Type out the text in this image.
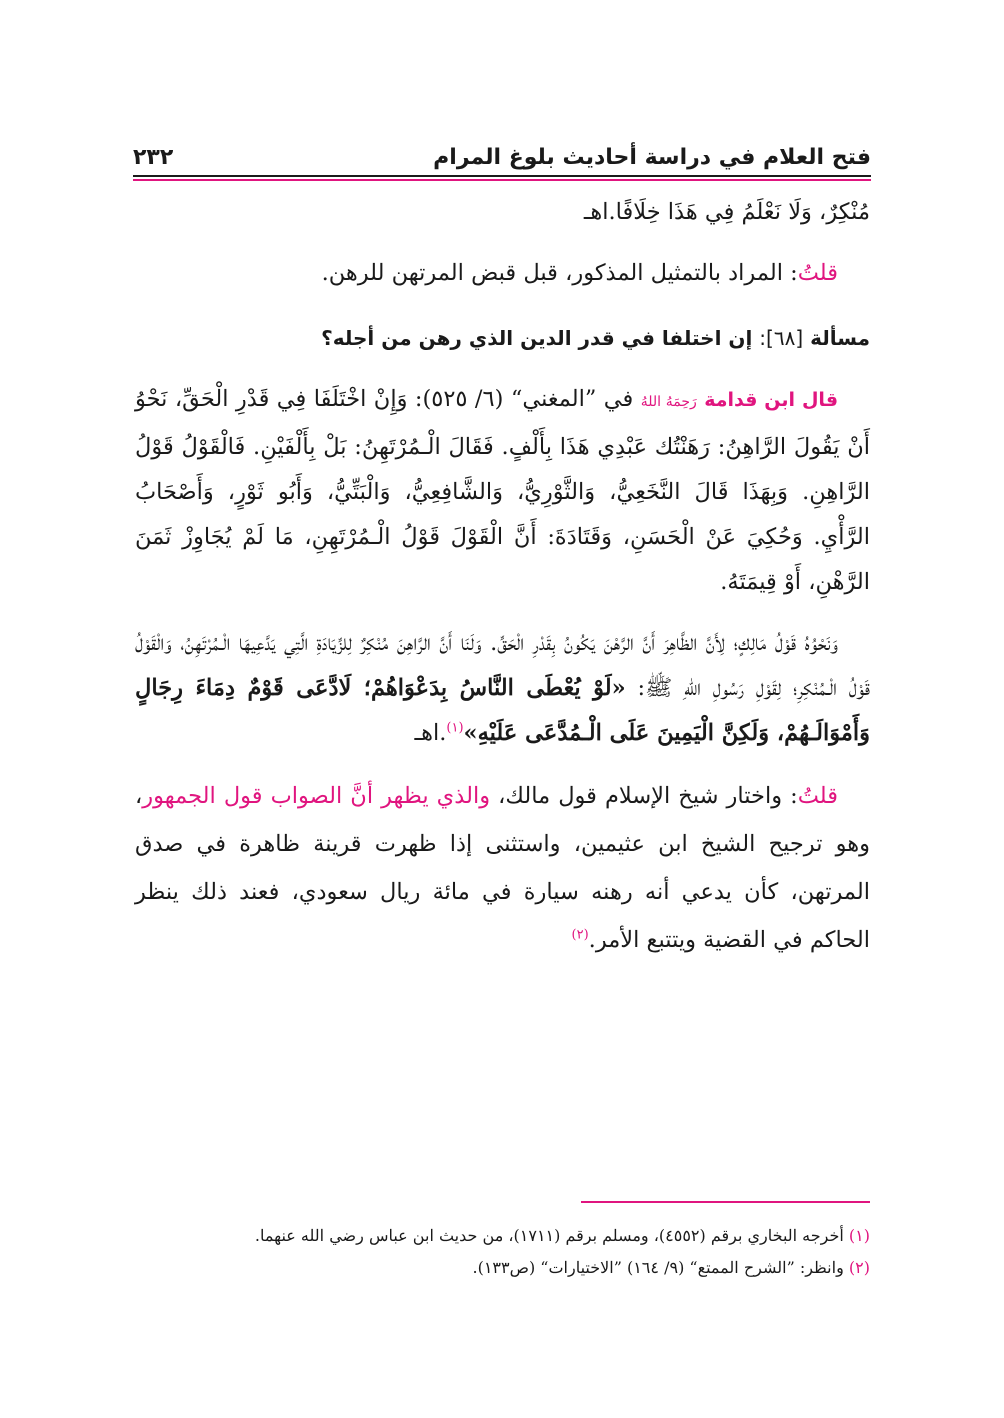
٢٣٢	فتح العلام في دراسة أحاديث بلوغ المرام

مُنْكِرٌ، وَلَا نَعْلَمُ فِي هَذَا خِلَافًا.اهـ

قلتُ: المراد بالتمثيل المذكور، قبل قبض المرتهن للرهن.

مسألة [٦٨]: إن اختلفا في قدر الدين الذي رهن من أجله؟

قال ابن قدامة رَحِمَهُ اللهُ في ”المغني“ (٦/ ٥٢٥): وَإِنْ اخْتَلَفَا فِي قَدْرِ الْحَقِّ، نَحْوُ أَنْ يَقُولَ الرَّاهِنُ: رَهَنْتُك عَبْدِي هَذَا بِأَلْفٍ. فَقَالَ الْـمُرْتَهِنُ: بَلْ بِأَلْفَيْنِ. فَالْقَوْلُ قَوْلُ الرَّاهِنِ. وَبِهَذَا قَالَ النَّخَعِيُّ، وَالثَّوْرِيُّ، وَالشَّافِعِيُّ، وَالْبَتِّيُّ، وَأَبُو ثَوْرٍ، وَأَصْحَابُ الرَّأْيِ. وَحُكِيَ عَنْ الْحَسَنِ، وَقَتَادَةَ: أَنَّ الْقَوْلَ قَوْلُ الْـمُرْتَهِنِ، مَا لَمْ يُجَاوِزْ ثَمَنَ الرَّهْنِ، أَوْ قِيمَتَهُ.

وَنَحْوُهُ قَوْلُ مَالِكٍ؛ لِأَنَّ الظَّاهِرَ أَنَّ الرَّهْنَ يَكُونُ بِقَدْرِ الْحَقِّ. وَلَنَا أَنَّ الرَّاهِنَ مُنْكِرٌ لِلزِّيَادَةِ الَّتِي يَدَّعِيهَا الْـمُرْتَهِنُ، وَالْقَوْلُ قَوْلُ الْـمُنْكِرِ؛ لِقَوْلِ رَسُولِ اللهِ ﷺ: «لَوْ يُعْطَى النَّاسُ بِدَعْوَاهُمْ؛ لَادَّعَى قَوْمٌ دِمَاءَ رِجَالٍ وَأَمْوَالَـهُمْ، وَلَكِنَّ الْيَمِينَ عَلَى الْـمُدَّعَى عَلَيْهِ»$^{(١)}$.اهـ

قلتُ: واختار شيخ الإسلام قول مالك، والذي يظهر أنَّ الصواب قول الجمهور، وهو ترجيح الشيخ ابن عثيمين، واستثنى إذا ظهرت قرينة ظاهرة في صدق المرتهن، كأن يدعي أنه رهنه سيارة في مائة ريال سعودي، فعند ذلك ينظر الحاكم في القضية ويتتبع الأمر.$^{(٢)}$

(١) أخرجه البخاري برقم (٤٥٥٢)، ومسلم برقم (١٧١١)، من حديث ابن عباس رضي الله عنهما.
(٢) وانظر: ”الشرح الممتع“ (٩/ ١٦٤) ”الاختيارات“ (ص١٣٣).
